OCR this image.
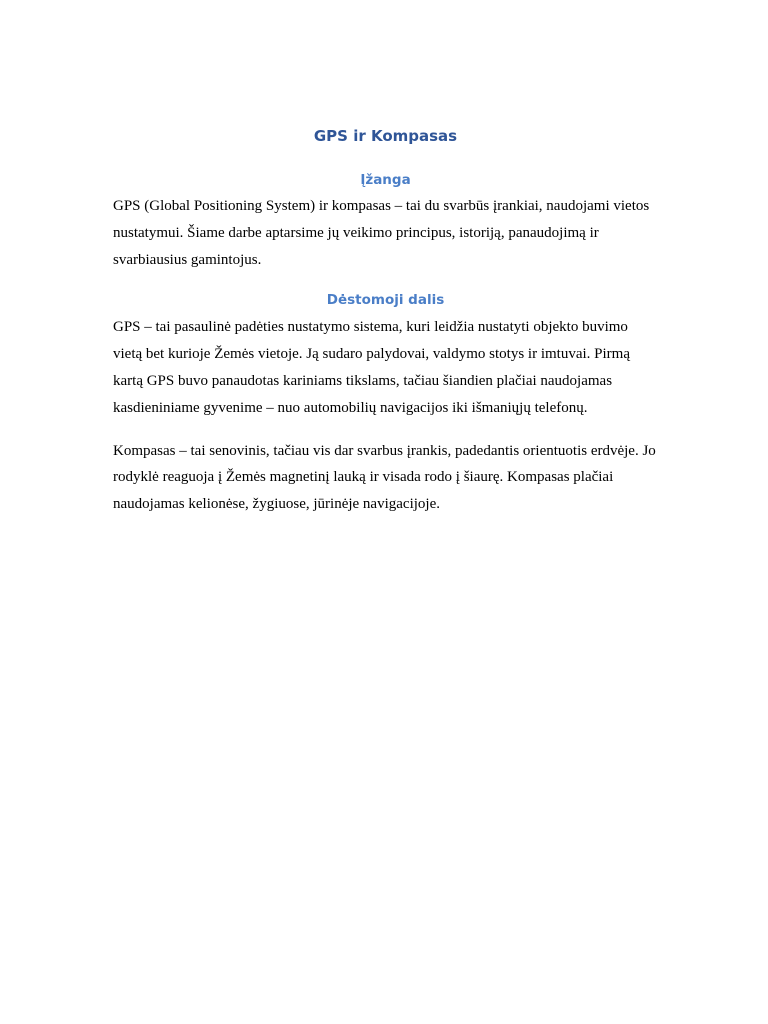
GPS ir Kompasas
Įžanga

GPS (Global Positioning System) ir kompasas – tai du svarbūs įrankiai, naudojami vietos nustatymui. Šiame darbe aptarsime jų veikimo principus, istoriją, panaudojimą ir svarbiausius gamintojus.

Dėstomoji dalis

GPS – tai pasaulinė padėties nustatymo sistema, kuri leidžia nustatyti objekto buvimo vietą bet kurioje Žemės vietoje. Ją sudaro palydovai, valdymo stotys ir imtuvai. Pirmą kartą GPS buvo panaudotas kariniams tikslams, tačiau šiandien plačiai naudojamas kasdieniniame gyvenime – nuo automobilių navigacijos iki išmaniųjų telefonų.

Kompasas – tai senovinis, tačiau vis dar svarbus įrankis, padedantis orientuotis erdvėje. Jo rodyklė reaguoja į Žemės magnetinį lauką ir visada rodo į šiaurę. Kompasas plačiai naudojamas kelionėse, žygiuose, jūrinėje navigacijoje.
